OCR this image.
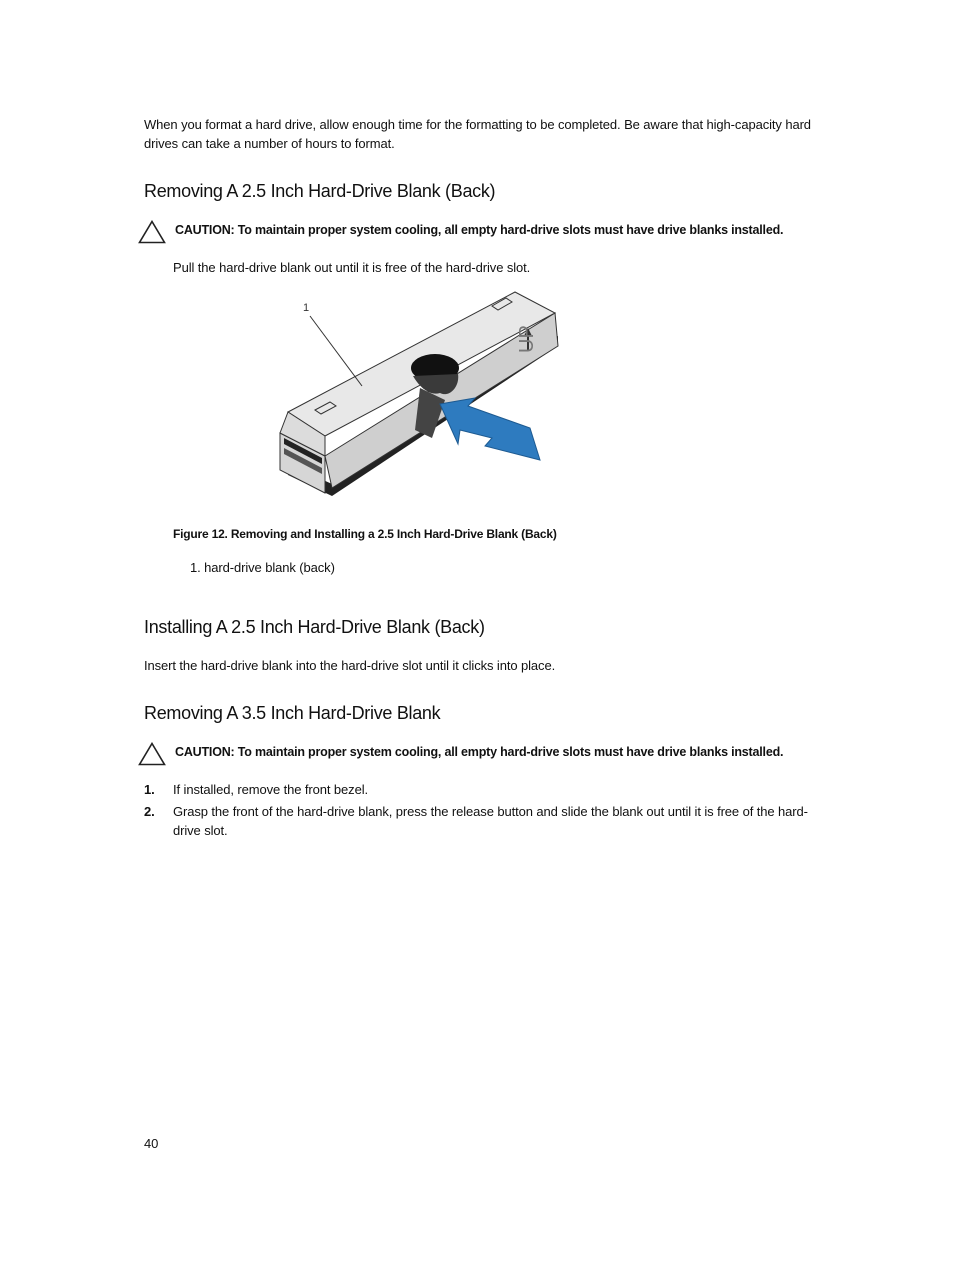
When you format a hard drive, allow enough time for the formatting to be completed. Be aware that high-capacity hard drives can take a number of hours to format.
Removing A 2.5 Inch Hard-Drive Blank (Back)
CAUTION: To maintain proper system cooling, all empty hard-drive slots must have drive blanks installed.
Pull the hard-drive blank out until it is free of the hard-drive slot.
1
UP
Figure 12. Removing and Installing a 2.5 Inch Hard-Drive Blank (Back)
1. hard-drive blank (back)
Installing A 2.5 Inch Hard-Drive Blank (Back)
Insert the hard-drive blank into the hard-drive slot until it clicks into place.
Removing A 3.5 Inch Hard-Drive Blank
CAUTION: To maintain proper system cooling, all empty hard-drive slots must have drive blanks installed.
1. If installed, remove the front bezel.
2. Grasp the front of the hard-drive blank, press the release button and slide the blank out until it is free of the hard-drive slot.
40
